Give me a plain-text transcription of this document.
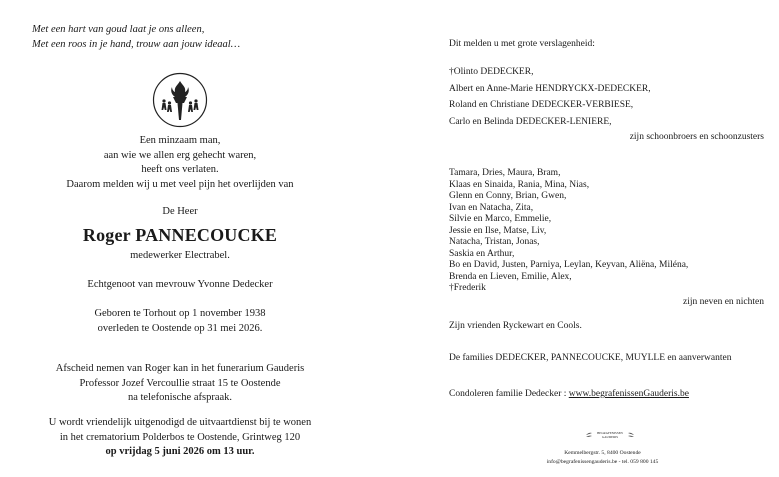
Met een hart van goud laat je ons alleen,
Met een roos in je hand, trouw aan jouw ideaal…
Een minzaam man,
aan wie we allen erg gehecht waren,
heeft ons verlaten.
Daarom melden wij u met veel pijn het overlijden van
De Heer
Roger PANNECOUCKE
medewerker Electrabel.
Echtgenoot van mevrouw Yvonne Dedecker
Geboren te Torhout op 1 november 1938
overleden te Oostende op 31 mei 2026.
Afscheid nemen van Roger kan in het funerarium Gauderis
Professor Jozef Vercoullie straat 15 te Oostende
na telefonische afspraak.
U wordt vriendelijk uitgenodigd de uitvaartdienst bij te wonen
in het crematorium Polderbos te Oostende, Grintweg 120
op vrijdag 5 juni 2026 om 13 uur.
Dit melden u met grote verslagenheid:
†Olinto DEDECKER,
Albert en Anne-Marie HENDRYCKX-DEDECKER,
Roland en Christiane DEDECKER-VERBIESE,
Carlo en Belinda DEDECKER-LENIERE,
zijn schoonbroers en schoonzusters
Tamara, Dries, Maura, Bram,
Klaas en Sinaida, Rania, Mina, Nias,
Glenn en Conny, Brian, Gwen,
Ivan en Natacha, Zita,
Silvie en Marco, Emmelie,
Jessie en Ilse, Matse, Liv,
Natacha, Tristan, Jonas,
Saskia en Arthur,
Bo en David, Justen, Parniya, Leylan, Keyvan, Aliëna, Miléna,
Brenda en Lieven, Emilie, Alex,
†Frederik
zijn neven en nichten
Zijn vrienden Ryckewart en Cools.
De families DEDECKER, PANNECOUCKE, MUYLLE en aanverwanten
Condoleren familie Dedecker : www.begrafenissenGauderis.be
BEGRAFENISSEN
GAUDERIS
Kemmelbergstr. 5, 8400 Oostende
info@begrafenissengauderis.be - tel. 059 800 145
